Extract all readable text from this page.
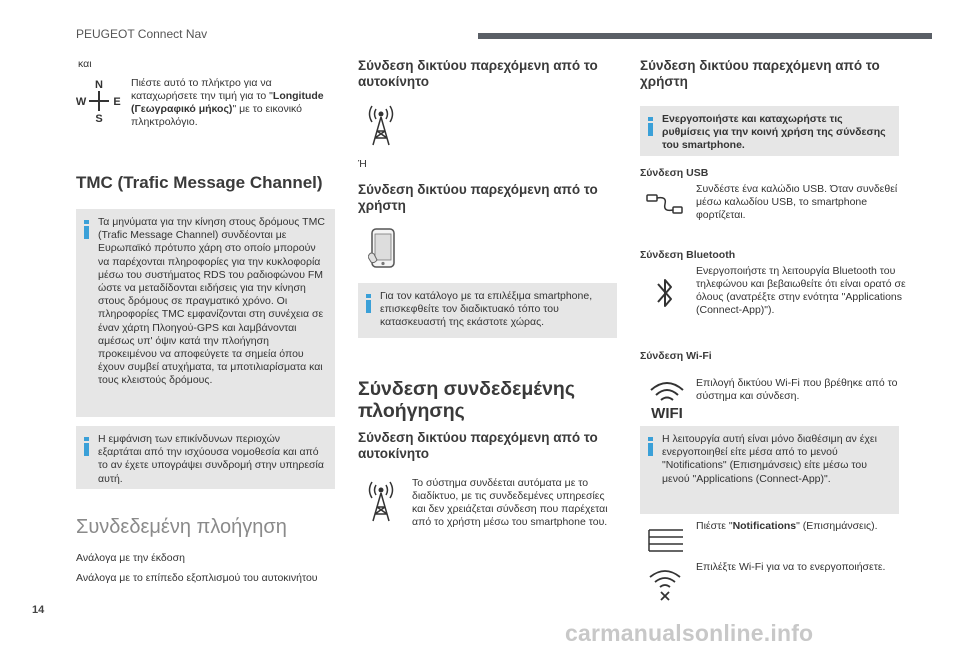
PEUGEOT Connect Nav
και
N
W E
S
Πιέστε αυτό το πλήκτρο για να καταχωρήσετε την τιμή για το "Longitude (Γεωγραφικό μήκος)" με το εικονικό πληκτρολόγιο.
TMC (Trafic Message Channel)
Τα μηνύματα για την κίνηση στους δρόμους TMC (Trafic Message Channel) συνδέονται με Ευρωπαϊκό πρότυπο χάρη στο οποίο μπορούν να παρέχονται πληροφορίες για την κυκλοφορία μέσω του συστήματος RDS του ραδιοφώνου FM ώστε να μεταδίδονται ειδήσεις για την κίνηση στους δρόμους σε πραγματικό χρόνο. Οι πληροφορίες TMC εμφανίζονται στη συνέχεια σε έναν χάρτη Πλοηγού-GPS και λαμβάνονται αμέσως υπ' όψιν κατά την πλοήγηση προκειμένου να αποφεύγετε τα σημεία όπου έχουν συμβεί ατυχήματα, τα μποτιλιαρίσματα και τους κλειστούς δρόμους.
Η εμφάνιση των επικίνδυνων περιοχών εξαρτάται από την ισχύουσα νομοθεσία και από το αν έχετε υπογράψει συνδρομή στην υπηρεσία αυτή.
Συνδεδεμένη πλοήγηση
Ανάλογα με την έκδοση
Ανάλογα με το επίπεδο εξοπλισμού του αυτοκινήτου
14
Σύνδεση δικτύου παρεχόμενη από το αυτοκίνητο
Ή
Σύνδεση δικτύου παρεχόμενη από το χρήστη
Για τον κατάλογο με τα επιλέξιμα smartphone, επισκεφθείτε τον διαδικτυακό τόπο του κατασκευαστή της εκάστοτε χώρας.
Σύνδεση συνδεδεμένης πλοήγησης
Σύνδεση δικτύου παρεχόμενη από το αυτοκίνητο
Το σύστημα συνδέεται αυτόματα με το διαδίκτυο, με τις συνδεδεμένες υπηρεσίες και δεν χρειάζεται σύνδεση που παρέχεται από το χρήστη μέσω του smartphone του.
Σύνδεση δικτύου παρεχόμενη από το χρήστη
Ενεργοποιήστε και καταχωρήστε τις ρυθμίσεις για την κοινή χρήση της σύνδεσης του smartphone.
Σύνδεση USB
Συνδέστε ένα καλώδιο USB. Όταν συνδεθεί μέσω καλωδίου USB, το smartphone φορτίζεται.
Σύνδεση Bluetooth
Ενεργοποιήστε τη λειτουργία Bluetooth του τηλεφώνου και βεβαιωθείτε ότι είναι ορατό σε όλους (ανατρέξτε στην ενότητα "Applications (Connect-App)").
Σύνδεση Wi-Fi
WIFI
Επιλογή δικτύου Wi-Fi που βρέθηκε από το σύστημα και σύνδεση.
Η λειτουργία αυτή είναι μόνο διαθέσιμη αν έχει ενεργοποιηθεί είτε μέσα από το μενού "Notifications" (Επισημάνσεις) είτε μέσω του μενού "Applications (Connect-App)".
Πιέστε "Notifications" (Επισημάνσεις).
Επιλέξτε Wi-Fi για να το ενεργοποιήσετε.
carmanualsonline.info
